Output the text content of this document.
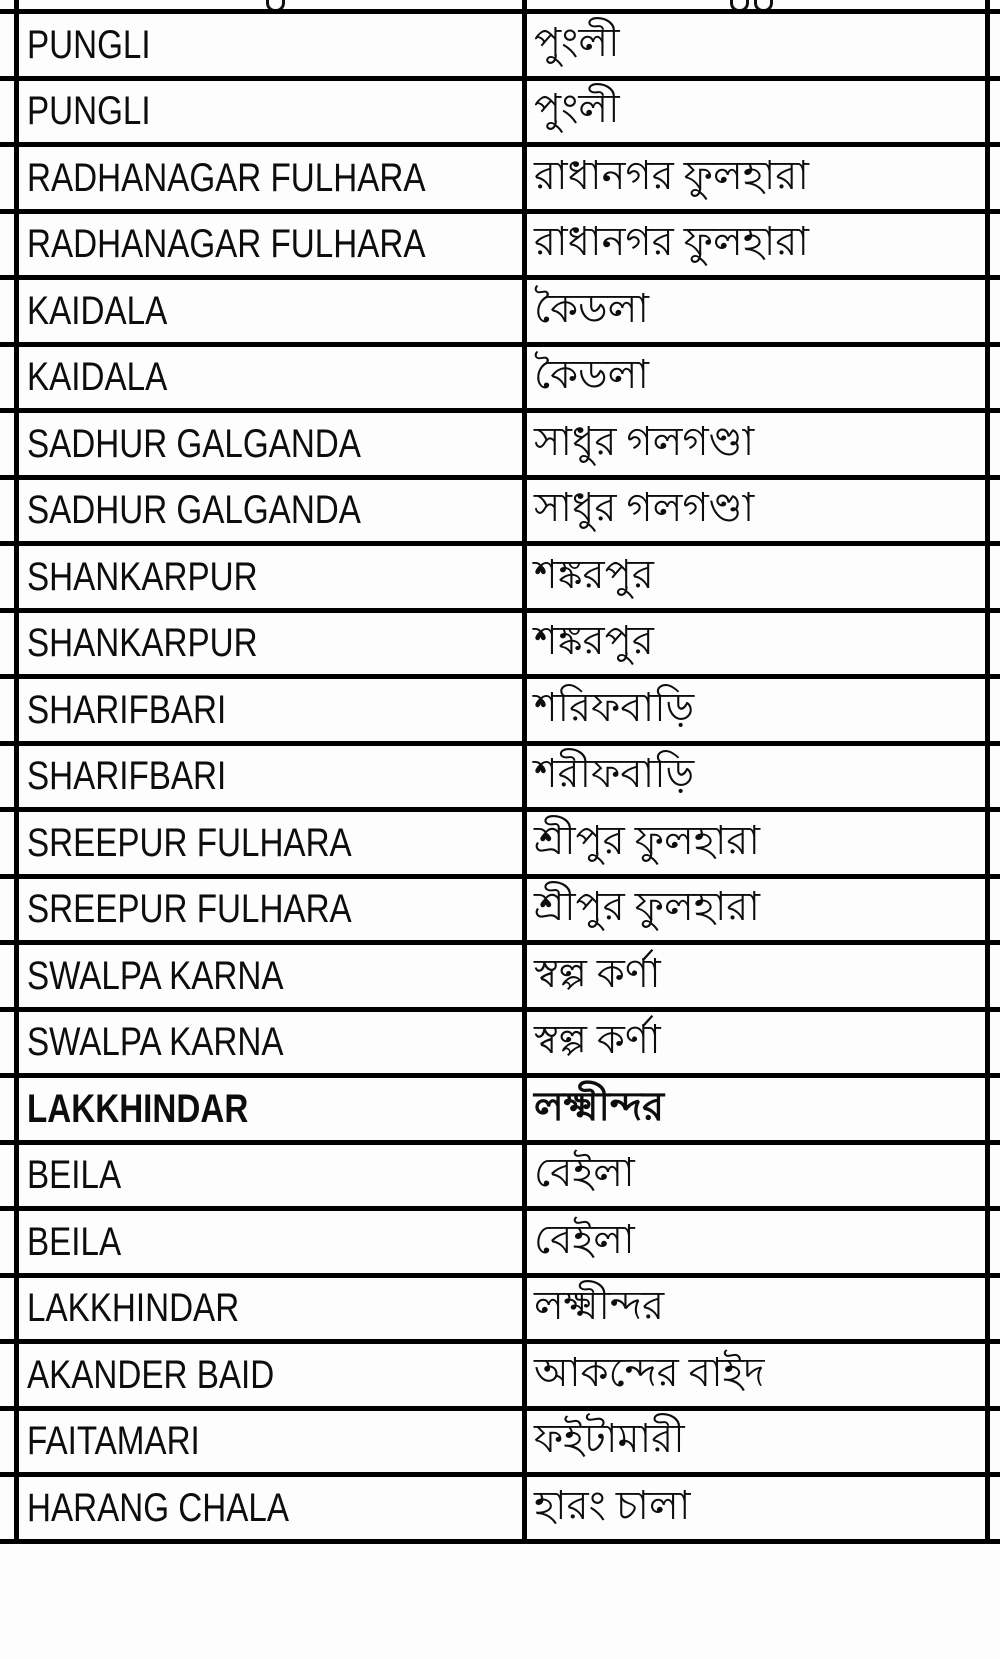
PUNGLI	পুংলী
PUNGLI	পুংলী
RADHANAGAR FULHARA	রাধানগর ফুলহারা
RADHANAGAR FULHARA	রাধানগর ফুলহারা
KAIDALA	কৈডলা
KAIDALA	কৈডলা
SADHUR GALGANDA	সাধুর গলগণ্ডা
SADHUR GALGANDA	সাধুর গলগণ্ডা
SHANKARPUR	শঙ্করপুর
SHANKARPUR	শঙ্করপুর
SHARIFBARI	শরিফবাড়ি
SHARIFBARI	শরীফবাড়ি
SREEPUR FULHARA	শ্রীপুর ফুলহারা
SREEPUR FULHARA	শ্রীপুর ফুলহারা
SWALPA KARNA	স্বল্প কর্ণা
SWALPA KARNA	স্বল্প কর্ণা
LAKKHINDAR	লক্ষ্মীন্দর
BEILA	বেইলা
BEILA	বেইলা
LAKKHINDAR	লক্ষ্মীন্দর
AKANDER BAID	আকন্দের বাইদ
FAITAMARI	ফইটামারী
HARANG CHALA	হারং চালা
